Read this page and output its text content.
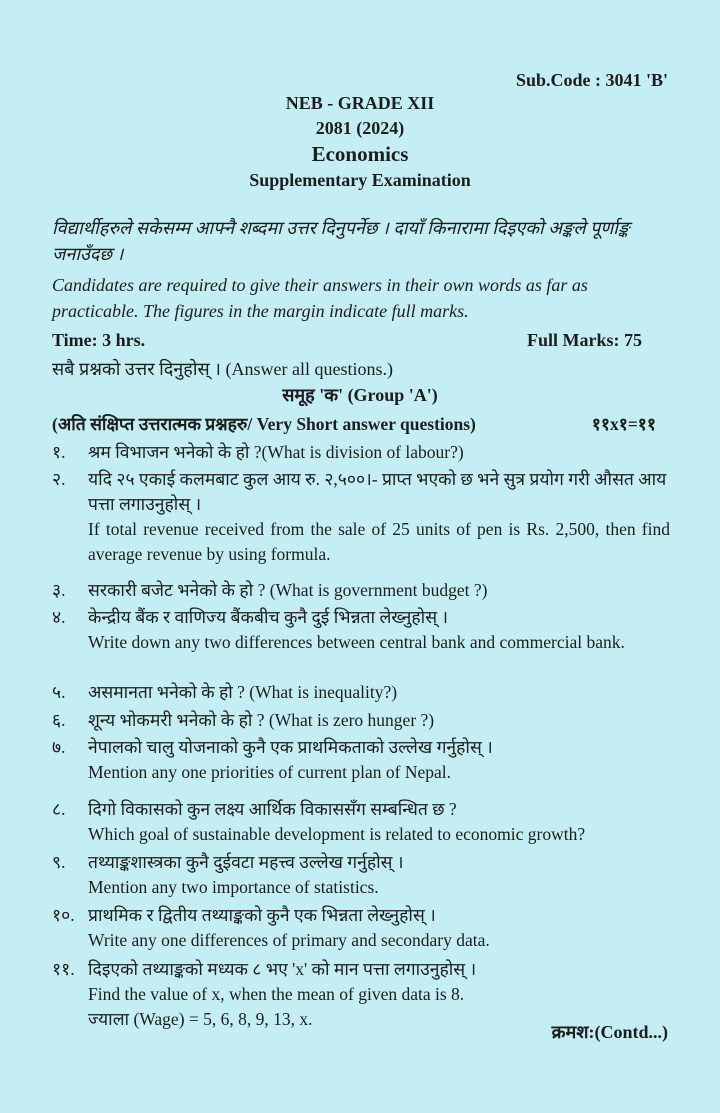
Sub.Code : 3041 'B'
NEB - GRADE XII
2081 (2024)
Economics
Supplementary Examination
विद्यार्थीहरुले सकेसम्म आफ्नै शब्दमा उत्तर दिनुपर्नेछ । दायाँ किनारामा दिइएको अङ्कले पूर्णाङ्क जनाउँदछ ।
Candidates are required to give their answers in their own words as far as practicable. The figures in the margin indicate full marks.
Time: 3 hrs.	Full Marks: 75
सबै प्रश्नको उत्तर दिनुहोस् । (Answer all questions.)
समूह 'क' (Group 'A')
(अति संक्षिप्त उत्तरात्मक प्रश्नहरु/ Very Short answer questions)	११x१=११
१. श्रम विभाजन भनेको के हो ?(What is division of labour?)
२. यदि २५ एकाई कलमबाट कुल आय रु. २,५००।- प्राप्त भएको छ भने सुत्र प्रयोग गरी औसत आय पत्ता लगाउनुहोस् ।
If total revenue received from the sale of 25 units of pen is Rs. 2,500, then find average revenue by using formula.
३. सरकारी बजेट भनेको के हो ? (What is government budget ?)
४. केन्द्रीय बैंक र वाणिज्य बैंकबीच कुनै दुई भिन्नता लेख्नुहोस् ।
Write down any two differences between central bank and commercial bank.
५. असमानता भनेको के हो ? (What is inequality?)
६. शून्य भोकमरी भनेको के हो ? (What is zero hunger ?)
७. नेपालको चालु योजनाको कुनै एक प्राथमिकताको उल्लेख गर्नुहोस् ।
Mention any one priorities of current plan of Nepal.
८. दिगो विकासको कुन लक्ष्य आर्थिक विकाससँग सम्बन्धित छ ?
Which goal of sustainable development is related to economic growth?
९. तथ्याङ्कशास्त्रका कुनै दुईवटा महत्त्व उल्लेख गर्नुहोस् ।
Mention any two importance of statistics.
१०. प्राथमिक र द्वितीय तथ्याङ्कको कुनै एक भिन्नता लेख्नुहोस् ।
Write any one differences of primary and secondary data.
११. दिइएको तथ्याङ्कको मध्यक ८ भए 'x' को मान पत्ता लगाउनुहोस् ।
Find the value of x, when the mean of given data is 8.
ज्याला (Wage) = 5, 6, 8, 9, 13, x.
क्रमश:(Contd...)
